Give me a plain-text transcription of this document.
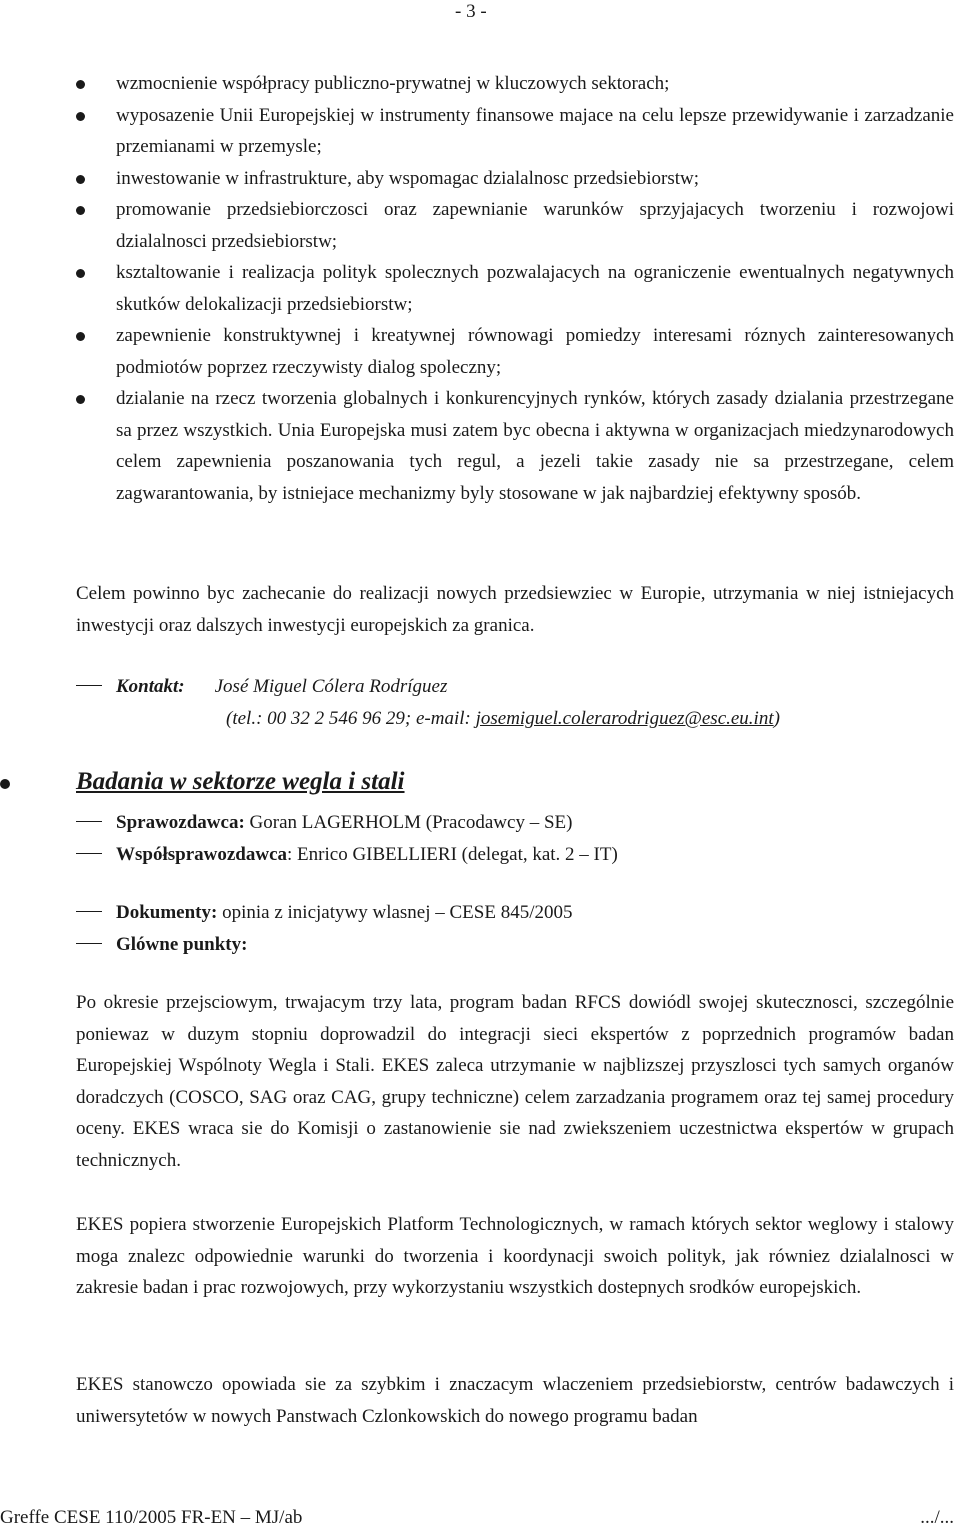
- 3 -
wzmocnienie współpracy publiczno-prywatnej w kluczowych sektorach;
wyposazenie Unii Europejskiej w instrumenty finansowe majace na celu lepsze przewidywanie i zarzadzanie przemianami w przemysle;
inwestowanie w infrastrukture, aby wspomagac dzialalnosc przedsiebiorstw;
promowanie przedsiebiorczosci oraz zapewnianie warunków sprzyjajacych tworzeniu i rozwojowi dzialalnosci przedsiebiorstw;
ksztaltowanie i realizacja polityk spolecznych pozwalajacych na ograniczenie ewentualnych negatywnych skutków delokalizacji przedsiebiorstw;
zapewnienie konstruktywnej i kreatywnej równowagi pomiedzy interesami róznych zainteresowanych podmiotów poprzez rzeczywisty dialog spoleczny;
dzialanie na rzecz tworzenia globalnych i konkurencyjnych rynków, których zasady dzialania przestrzegane sa przez wszystkich. Unia Europejska musi zatem byc obecna i aktywna w organizacjach miedzynarodowych celem zapewnienia poszanowania tych regul, a jezeli takie zasady nie sa przestrzegane, celem zagwarantowania, by istniejace mechanizmy byly stosowane w jak najbardziej efektywny sposób.

Celem powinno byc zachecanie do realizacji nowych przedsiewziec w Europie, utrzymania w niej istniejacych inwestycji oraz dalszych inwestycji europejskich za granica.

Kontakt: José Miguel Cólera Rodríguez
(tel.: 00 32 2 546 96 29; e-mail: josemiguel.colerarodriguez@esc.eu.int)
Badania w sektorze wegla i stali
Sprawozdawca: Goran LAGERHOLM (Pracodawcy – SE)
Współsprawozdawca: Enrico GIBELLIERI (delegat, kat. 2 – IT)
Dokumenty: opinia z inicjatywy wlasnej – CESE 845/2005
Glówne punkty:

Po okresie przejsciowym, trwajacym trzy lata, program badan RFCS dowiódl swojej skutecznosci, szczególnie poniewaz w duzym stopniu doprowadzil do integracji sieci ekspertów z poprzednich programów badan Europejskiej Wspólnoty Wegla i Stali. EKES zaleca utrzymanie w najblizszej przyszlosci tych samych organów doradczych (COSCO, SAG oraz CAG, grupy techniczne) celem zarzadzania programem oraz tej samej procedury oceny. EKES wraca sie do Komisji o zastanowienie sie nad zwiekszeniem uczestnictwa ekspertów w grupach technicznych.

EKES popiera stworzenie Europejskich Platform Technologicznych, w ramach których sektor weglowy i stalowy moga znalezc odpowiednie warunki do tworzenia i koordynacji swoich polityk, jak równiez dzialalnosci w zakresie badan i prac rozwojowych, przy wykorzystaniu wszystkich dostepnych srodków europejskich.

EKES stanowczo opowiada sie za szybkim i znaczacym wlaczeniem przedsiebiorstw, centrów badawczych i uniwersytetów w nowych Panstwach Czlonkowskich do nowego programu badan

Greffe CESE 110/2005 FR-EN – MJ/ab	.../...
